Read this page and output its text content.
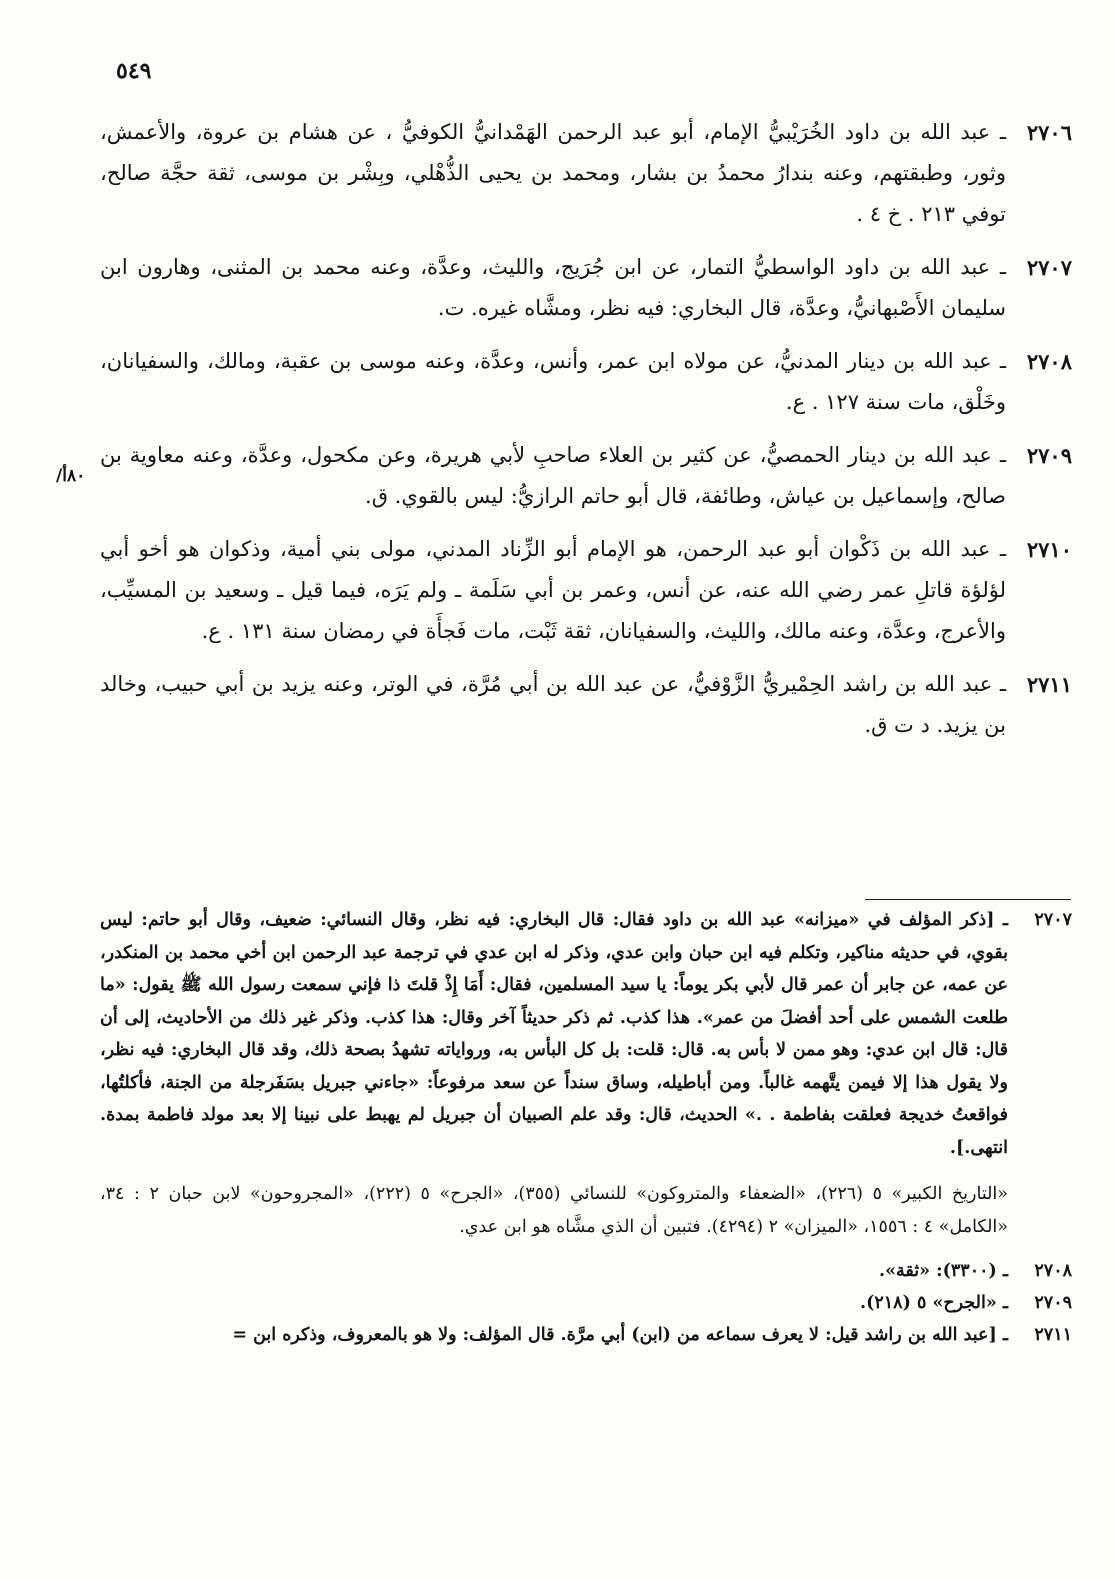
٥٤٩
/٨٠أ
٢٧٠٦
ـ عبد الله بن داود الخُرَيْبيُّ الإمام، أبو عبد الرحمن الهَمْدانيُّ الكوفيُّ ، عن هشام بن عروة، والأعمش، وثور، وطبقتهم، وعنه بندارُ محمدُ بن بشار، ومحمد بن يحيى الذُّهْلي، وبِشْر بن موسى، ثقة حجَّة صالح، توفي ٢١٣ . خ ٤ .
٢٧٠٧
ـ عبد الله بن داود الواسطيُّ التمار، عن ابن جُرَيج، والليث، وعدَّة، وعنه محمد بن المثنى، وهارون ابن سليمان الأَصْبهانيُّ، وعدَّة، قال البخاري: فيه نظر، ومشَّاه غيره. ت.
٢٧٠٨
ـ عبد الله بن دينار المدنيُّ، عن مولاه ابن عمر، وأنس، وعدَّة، وعنه موسى بن عقبة، ومالك، والسفيانان، وخَلْق، مات سنة ١٢٧ . ع.
٢٧٠٩
ـ عبد الله بن دينار الحمصيُّ، عن كثير بن العلاء صاحبِ لأبي هريرة، وعن مكحول، وعدَّة، وعنه معاوية بن صالح، وإسماعيل بن عياش، وطائفة، قال أبو حاتم الرازيُّ: ليس بالقوي. ق.
٢٧١٠
ـ عبد الله بن ذَكْوان أبو عبد الرحمن، هو الإمام أبو الزِّناد المدني، مولى بني أمية، وذكوان هو أخو أبي لؤلؤة قاتلِ عمر رضي الله عنه، عن أنس، وعمر بن أبي سَلَمة ـ ولم يَرَه، فيما قيل ـ وسعيد بن المسيِّب، والأعرج، وعدَّة، وعنه مالك، والليث، والسفيانان، ثقة ثَبْت، مات فَجأَة في رمضان سنة ١٣١ . ع.
٢٧١١
ـ عبد الله بن راشد الحِمْيريُّ الزَّوْفيُّ، عن عبد الله بن أبي مُرَّة، في الوتر، وعنه يزيد بن أبي حبيب، وخالد بن يزيد. د ت ق.
٢٧٠٧
ـ [ذكر المؤلف في «ميزانه» عبد الله بن داود فقال: قال البخاري: فيه نظر، وقال النسائي: ضعيف، وقال أبو حاتم: ليس بقوي، في حديثه مناكير، وتكلم فيه ابن حبان وابن عدي، وذكر له ابن عدي في ترجمة عبد الرحمن ابن أخي محمد بن المنكدر، عن عمه، عن جابر أن عمر قال لأبي بكر يوماً: يا سيد المسلمين، فقال: أَمَا إِذْ قلتَ ذا فإني سمعت رسول الله ﷺ يقول: «ما طلعت الشمس على أحد أفضلَ من عمر». هذا كذب. ثم ذكر حديثاً آخر وقال: هذا كذب. وذكر غير ذلك من الأحاديث، إلى أن قال: قال ابن عدي: وهو ممن لا بأس به. قال: قلت: بل كل البأس به، ورواياته تشهدُ بصحة ذلك، وقد قال البخاري: فيه نظر، ولا يقول هذا إلا فيمن يتَّهمه غالباً. ومن أباطيله، وساق سنداً عن سعد مرفوعاً: «جاءني جبريل بسَفَرجلة من الجنة، فأكلتُها، فواقعتُ خديجة فعلقت بفاطمة . .» الحديث، قال: وقد علم الصبيان أن جبريل لم يهبط على نبينا إلا بعد مولد فاطمة بمدة. انتهى.].
«التاريخ الكبير» ٥ (٢٢٦)، «الضعفاء والمتروكون» للنسائي (٣٥٥)، «الجرح» ٥ (٢٢٢)، «المجروحون» لابن حبان ٢ : ٣٤، «الكامل» ٤ : ١٥٥٦، «الميزان» ٢ (٤٢٩٤). فتبين أن الذي مشَّاه هو ابن عدي.
٢٧٠٨
ـ (٣٣٠٠): «ثقة».
٢٧٠٩
ـ «الجرح» ٥ (٢١٨).
٢٧١١
ـ [عبد الله بن راشد قيل: لا يعرف سماعه من (ابن) أبي مرَّة. قال المؤلف: ولا هو بالمعروف، وذكره ابن =
